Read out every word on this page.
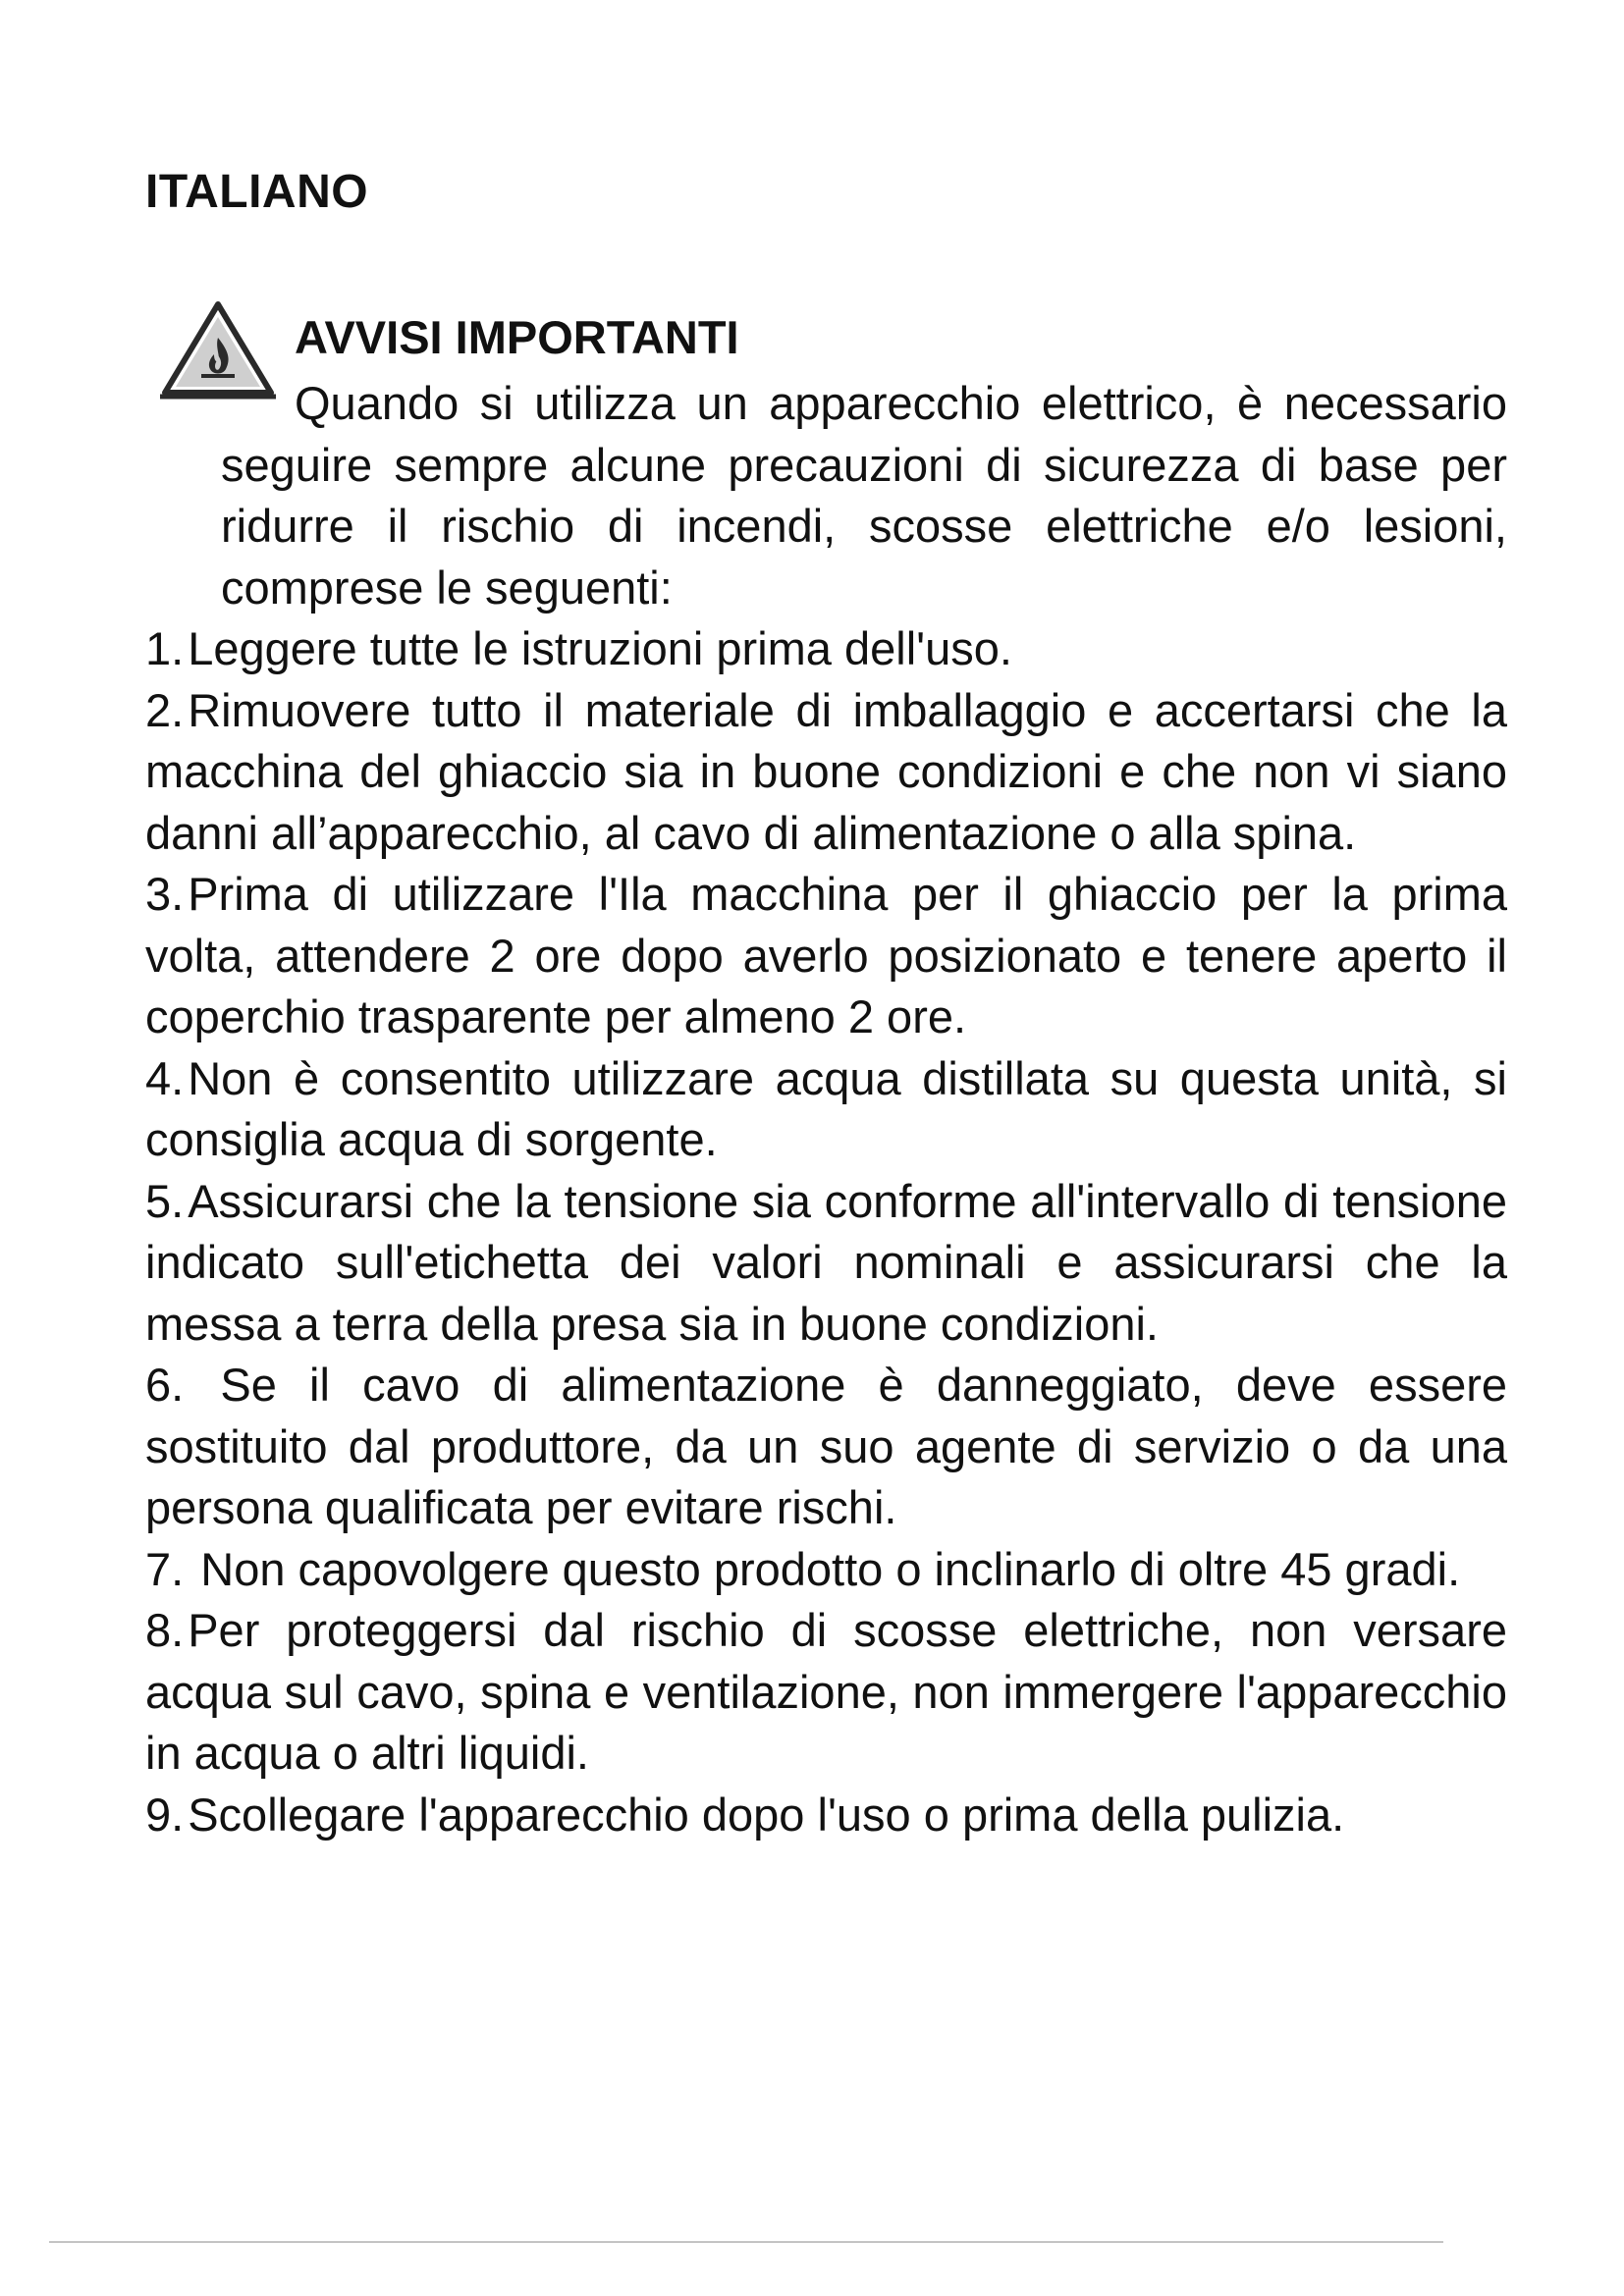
ITALIANO
AVVISI IMPORTANTI

Quando si utilizza un apparecchio elettrico, è necessario seguire sempre alcune precauzioni di sicurezza di base per ridurre il rischio di incendi, scosse elettriche e/o lesioni, comprese le seguenti:

1.Leggere tutte le istruzioni prima dell'uso.
2.Rimuovere tutto il materiale di imballaggio e accertarsi che la macchina del ghiaccio sia in buone condizioni e che non vi siano danni all’apparecchio, al cavo di alimentazione o alla spina.
3.Prima di utilizzare l'Ila macchina per il ghiaccio per la prima volta, attendere 2 ore dopo averlo posizionato e tenere aperto il coperchio trasparente per almeno 2 ore.
4.Non è consentito utilizzare acqua distillata su questa unità, si consiglia acqua di sorgente.
5.Assicurarsi che la tensione sia conforme all'intervallo di tensione indicato sull'etichetta dei valori nominali e assicurarsi che la messa a terra della presa sia in buone condizioni.
6. Se il cavo di alimentazione è danneggiato, deve essere sostituito dal produttore, da un suo agente di servizio o da una persona qualificata per evitare rischi.
7. Non capovolgere questo prodotto o inclinarlo di oltre 45 gradi.
8.Per proteggersi dal rischio di scosse elettriche, non versare acqua sul cavo, spina e ventilazione, non immergere l'apparecchio in acqua o altri liquidi.
9.Scollegare l'apparecchio dopo l'uso o prima della pulizia.
